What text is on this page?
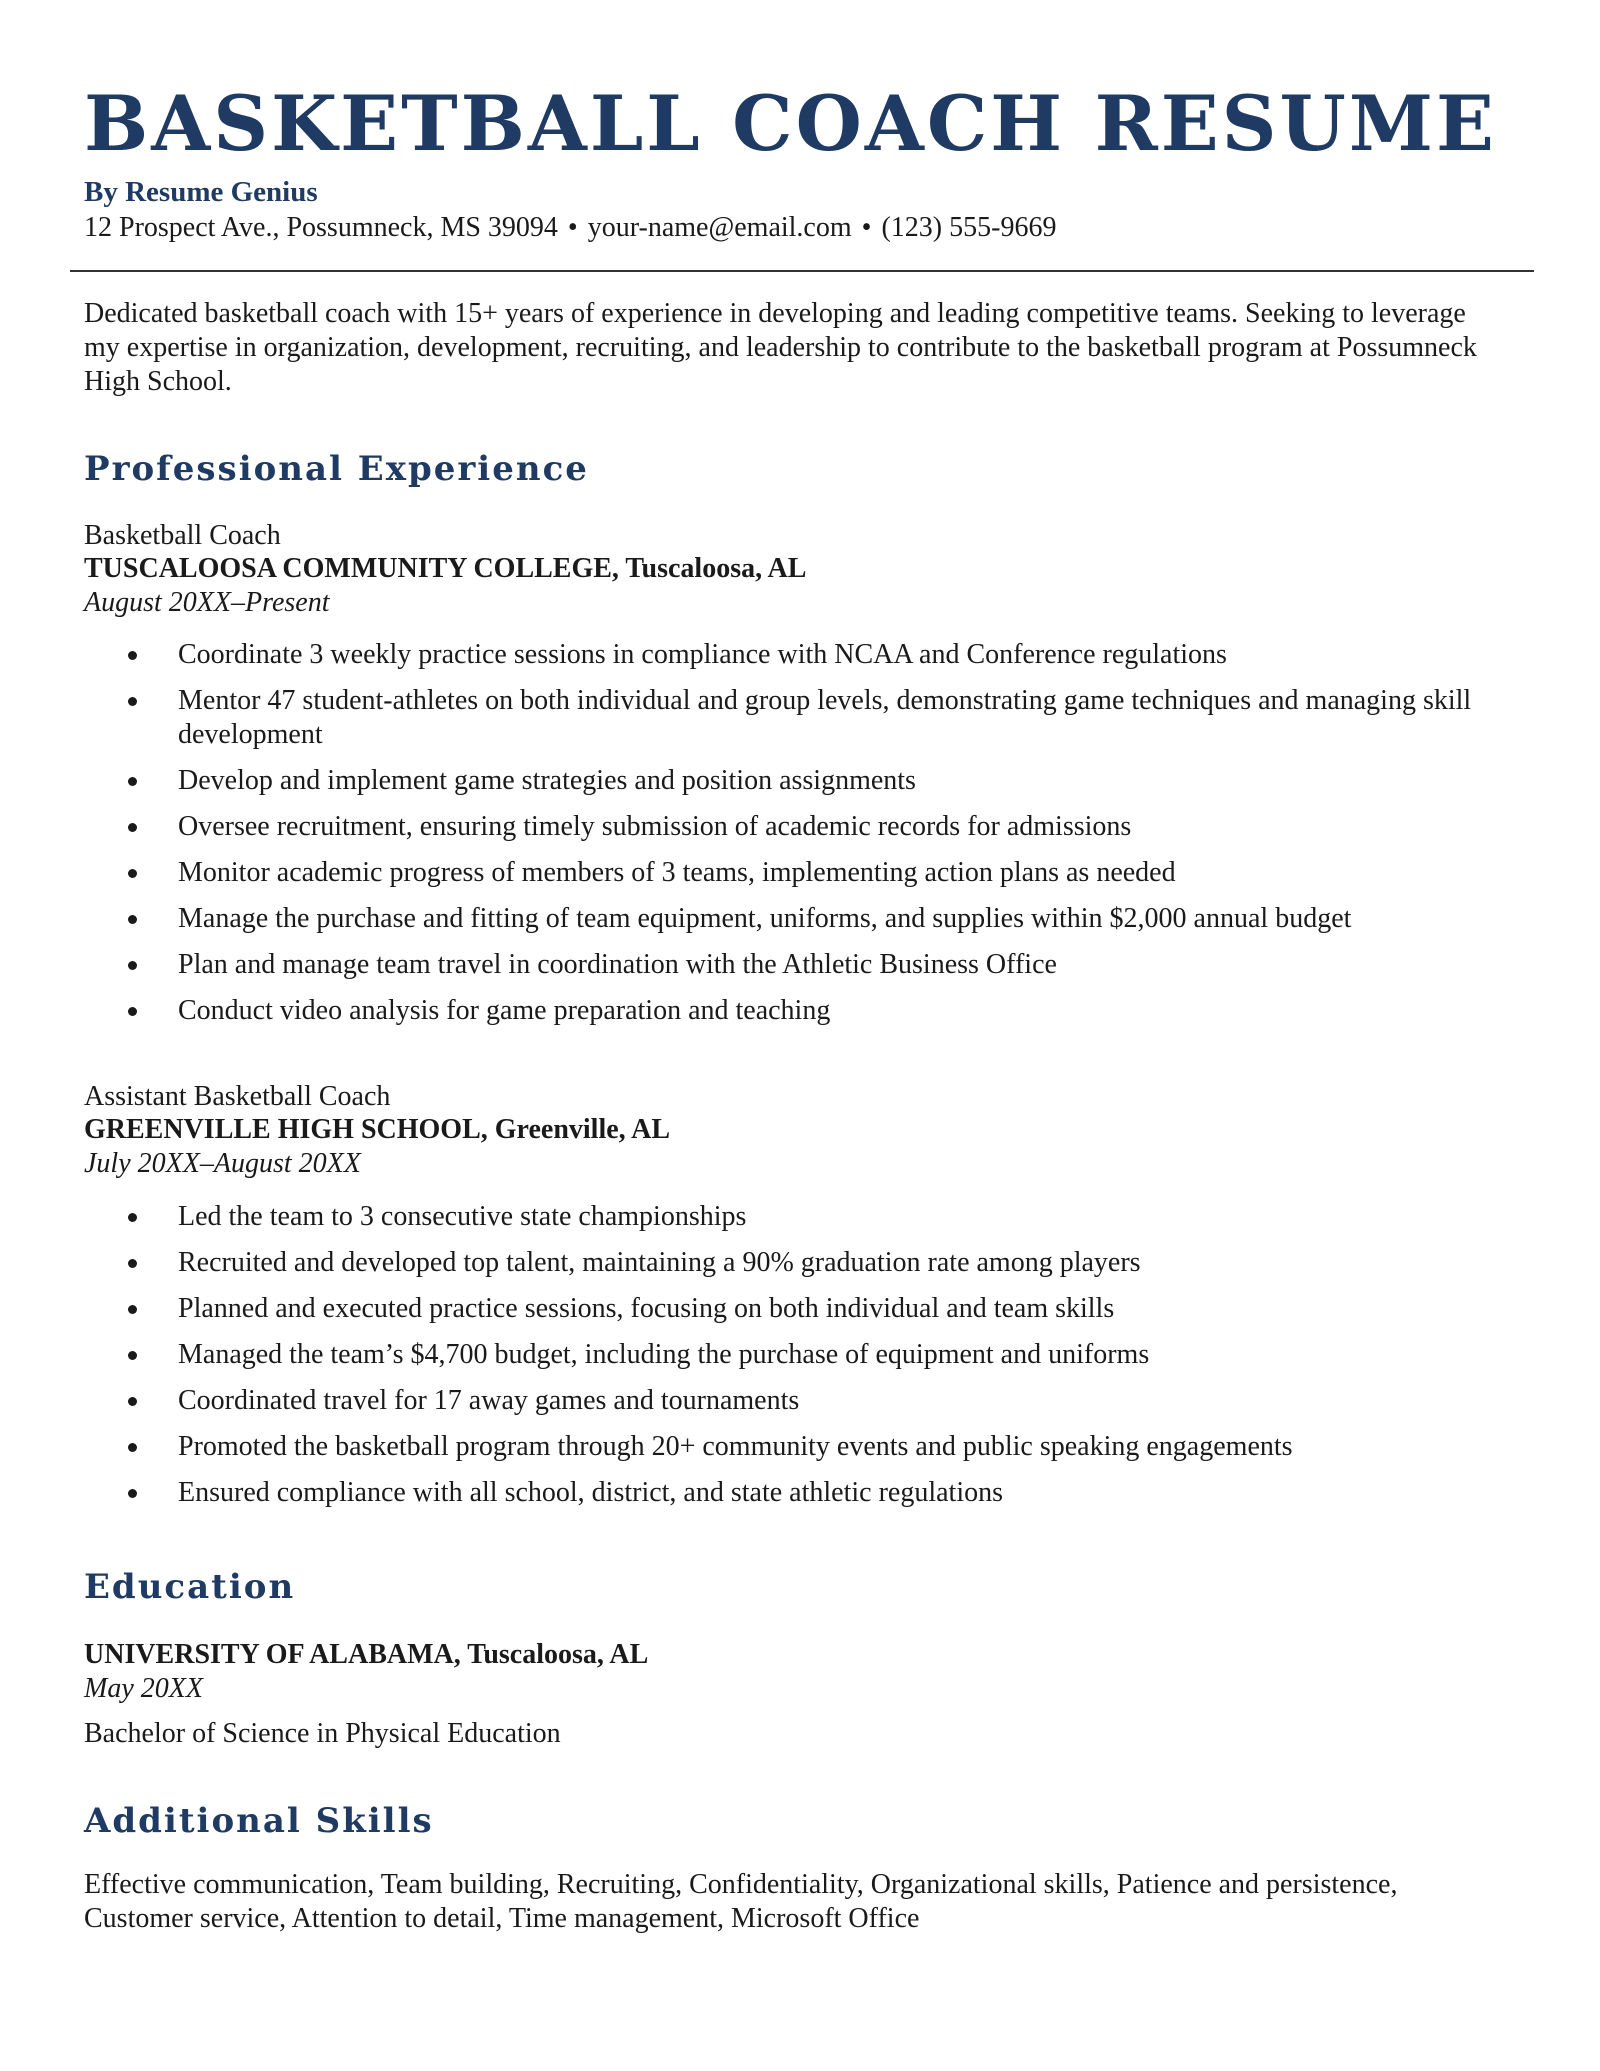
BASKETBALL COACH RESUME
By Resume Genius
12 Prospect Ave., Possumneck, MS 39094 • your-name@email.com • (123) 555-9669
Dedicated basketball coach with 15+ years of experience in developing and leading competitive teams. Seeking to leverage my expertise in organization, development, recruiting, and leadership to contribute to the basketball program at Possumneck High School.
Professional Experience
Basketball Coach
TUSCALOOSA COMMUNITY COLLEGE, Tuscaloosa, AL
August 20XX–Present
Coordinate 3 weekly practice sessions in compliance with NCAA and Conference regulations
Mentor 47 student-athletes on both individual and group levels, demonstrating game techniques and managing skill development
Develop and implement game strategies and position assignments
Oversee recruitment, ensuring timely submission of academic records for admissions
Monitor academic progress of members of 3 teams, implementing action plans as needed
Manage the purchase and fitting of team equipment, uniforms, and supplies within $2,000 annual budget
Plan and manage team travel in coordination with the Athletic Business Office
Conduct video analysis for game preparation and teaching
Assistant Basketball Coach
GREENVILLE HIGH SCHOOL, Greenville, AL
July 20XX–August 20XX
Led the team to 3 consecutive state championships
Recruited and developed top talent, maintaining a 90% graduation rate among players
Planned and executed practice sessions, focusing on both individual and team skills
Managed the team’s $4,700 budget, including the purchase of equipment and uniforms
Coordinated travel for 17 away games and tournaments
Promoted the basketball program through 20+ community events and public speaking engagements
Ensured compliance with all school, district, and state athletic regulations
Education
UNIVERSITY OF ALABAMA, Tuscaloosa, AL
May 20XX
Bachelor of Science in Physical Education
Additional Skills
Effective communication, Team building, Recruiting, Confidentiality, Organizational skills, Patience and persistence, Customer service, Attention to detail, Time management, Microsoft Office
